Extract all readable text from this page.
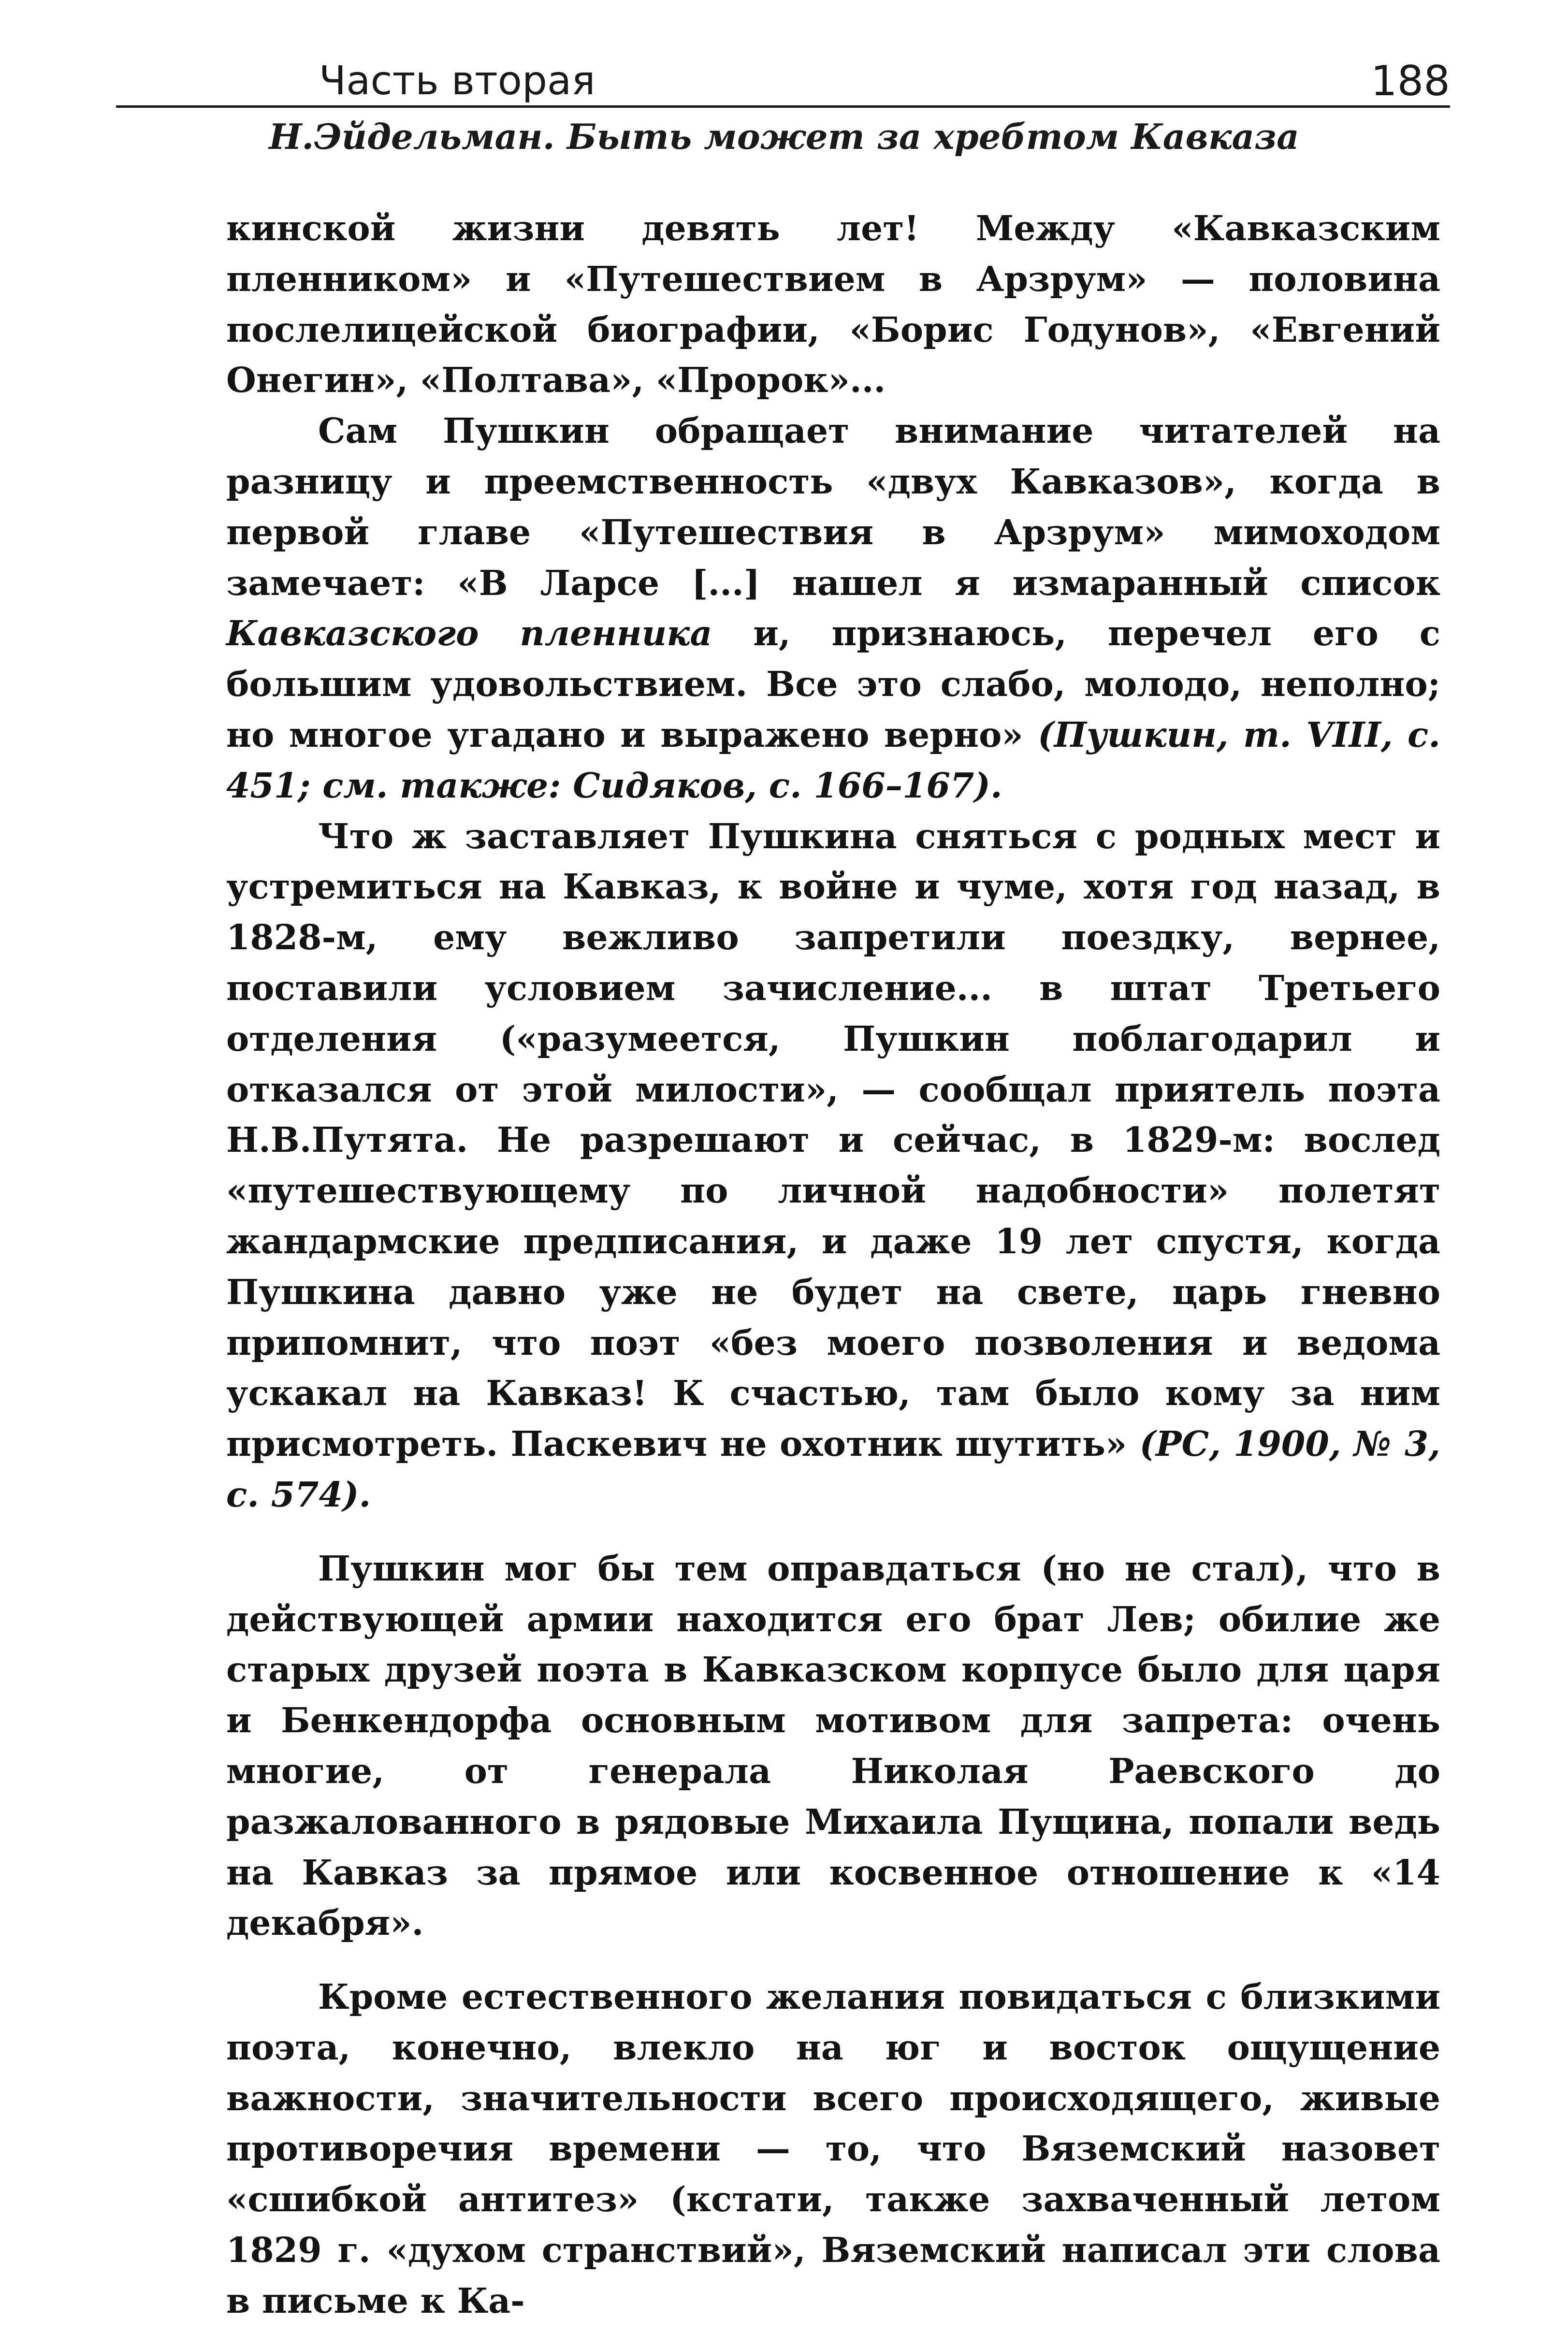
Часть вторая	188
Н.Эйдельман. Быть может за хребтом Кавказа

кинской жизни девять лет! Между «Кавказским пленником» и «Путешествием в Арзрум» — половина послелицейской биографии, «Борис Годунов», «Евгений Онегин», «Полтава», «Пророк»...

Сам Пушкин обращает внимание читателей на разницу и преемственность «двух Кавказов», когда в первой главе «Путешествия в Арзрум» мимоходом замечает: «В Ларсе [...] нашел я измаранный список Кавказского пленника и, признаюсь, перечел его с большим удовольствием. Все это слабо, молодо, неполно; но многое угадано и выражено верно» (Пушкин, т. VIII, с. 451; см. также: Сидяков, с. 166–167).

Что ж заставляет Пушкина сняться с родных мест и устремиться на Кавказ, к войне и чуме, хотя год назад, в 1828-м, ему вежливо запретили поездку, вернее, поставили условием зачисление... в штат Третьего отделения («разумеется, Пушкин поблагодарил и отказался от этой милости», — сообщал приятель поэта Н.В.Путята. Не разрешают и сейчас, в 1829-м: вослед «путешествующему по личной надобности» полетят жандармские предписания, и даже 19 лет спустя, когда Пушкина давно уже не будет на свете, царь гневно припомнит, что поэт «без моего позволения и ведома ускакал на Кавказ! К счастью, там было кому за ним присмотреть. Паскевич не охотник шутить» (РС, 1900, № 3, с. 574).

Пушкин мог бы тем оправдаться (но не стал), что в действующей армии находится его брат Лев; обилие же старых друзей поэта в Кавказском корпусе было для царя и Бенкендорфа основным мотивом для запрета: очень многие, от генерала Николая Раевского до разжалованного в рядовые Михаила Пущина, попали ведь на Кавказ за прямое или косвенное отношение к «14 декабря».

Кроме естественного желания повидаться с близкими поэта, конечно, влекло на юг и восток ощущение важности, значительности всего происходящего, живые противоречия времени — то, что Вяземский назовет «сшибкой антитез» (кстати, также захваченный летом 1829 г. «духом странствий», Вяземский написал эти слова в письме к Ка-
